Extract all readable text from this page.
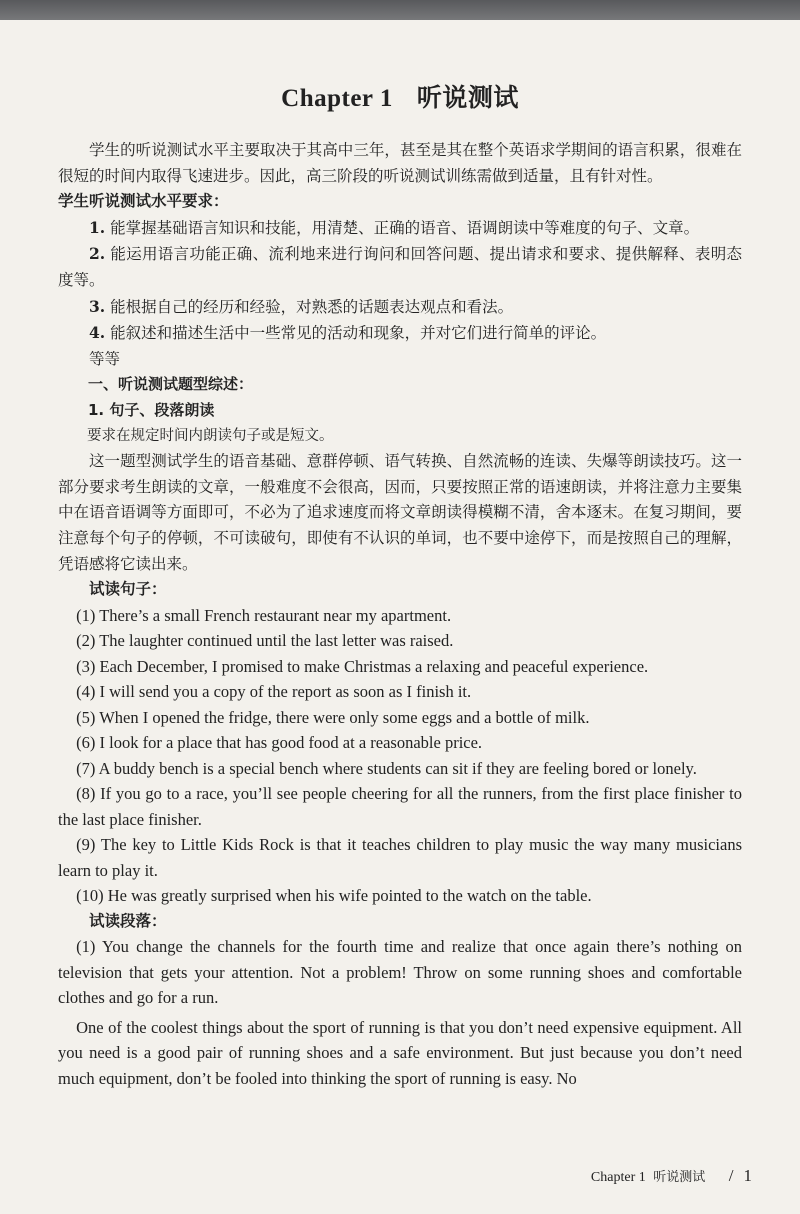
Chapter 1 听说测试

学生的听说测试水平主要取决于其高中三年，甚至是其在整个英语求学期间的语言积累，很难在很短的时间内取得飞速进步。因此，高三阶段的听说测试训练需做到适量，且有针对性。

学生听说测试水平要求：

1. 能掌握基础语言知识和技能，用清楚、正确的语音、语调朗读中等难度的句子、文章。

2. 能运用语言功能正确、流利地来进行询问和回答问题、提出请求和要求、提供解释、表明态度等。

3. 能根据自己的经历和经验，对熟悉的话题表达观点和看法。

4. 能叙述和描述生活中一些常见的活动和现象，并对它们进行简单的评论。

等等

一、听说测试题型综述：

1. 句子、段落朗读

要求在规定时间内朗读句子或是短文。

这一题型测试学生的语音基础、意群停顿、语气转换、自然流畅的连读、失爆等朗读技巧。这一部分要求考生朗读的文章，一般难度不会很高，因而，只要按照正常的语速朗读，并将注意力主要集中在语音语调等方面即可，不必为了追求速度而将文章朗读得模糊不清，舍本逐末。在复习期间，要注意每个句子的停顿，不可读破句，即使有不认识的单词，也不要中途停下，而是按照自己的理解，凭语感将它读出来。

试读句子：

(1) There’s a small French restaurant near my apartment.

(2) The laughter continued until the last letter was raised.

(3) Each December, I promised to make Christmas a relaxing and peaceful experience.

(4) I will send you a copy of the report as soon as I finish it.

(5) When I opened the fridge, there were only some eggs and a bottle of milk.

(6) I look for a place that has good food at a reasonable price.

(7) A buddy bench is a special bench where students can sit if they are feeling bored or lonely.

(8) If you go to a race, you’ll see people cheering for all the runners, from the first place finisher to the last place finisher.

(9) The key to Little Kids Rock is that it teaches children to play music the way many musicians learn to play it.

(10) He was greatly surprised when his wife pointed to the watch on the table.

试读段落：

(1) You change the channels for the fourth time and realize that once again there’s nothing on television that gets your attention. Not a problem! Throw on some running shoes and comfortable clothes and go for a run.

One of the coolest things about the sport of running is that you don’t need expensive equipment. All you need is a good pair of running shoes and a safe environment. But just because you don’t need much equipment, don’t be fooled into thinking the sport of running is easy. No

Chapter 1 听说测试 / 1
